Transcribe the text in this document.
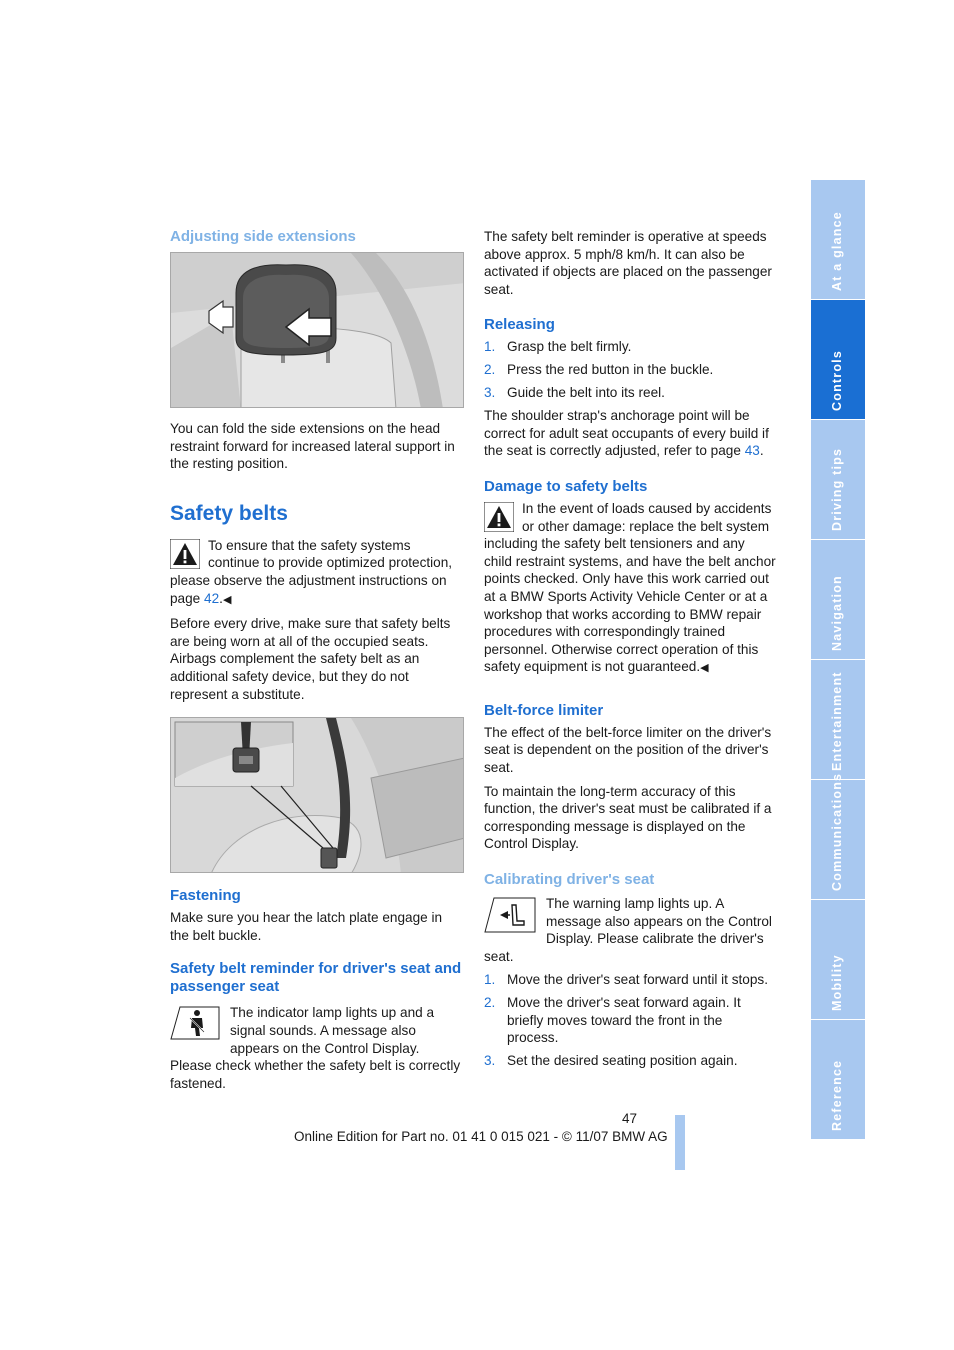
Adjusting side extensions

You can fold the side extensions on the head restraint forward for increased lateral support in the resting position.

Safety belts

To ensure that the safety systems continue to provide optimized protection, please observe the adjustment instructions on page 42.◀

Before every drive, make sure that safety belts are being worn at all of the occupied seats. Airbags complement the safety belt as an additional safety device, but they do not represent a substitute.

Fastening

Make sure you hear the latch plate engage in the belt buckle.

Safety belt reminder for driver's seat and passenger seat

The indicator lamp lights up and a signal sounds. A message also appears on the Control Display. Please check whether the safety belt is correctly fastened.

The safety belt reminder is operative at speeds above approx. 5 mph/8 km/h. It can also be activated if objects are placed on the passenger seat.

Releasing
1. Grasp the belt firmly.
2. Press the red button in the buckle.
3. Guide the belt into its reel.

The shoulder strap's anchorage point will be correct for adult seat occupants of every build if the seat is correctly adjusted, refer to page 43.

Damage to safety belts

In the event of loads caused by accidents or other damage: replace the belt system including the safety belt tensioners and any child restraint systems, and have the belt anchor points checked. Only have this work carried out at a BMW Sports Activity Vehicle Center or at a workshop that works according to BMW repair procedures with correspondingly trained personnel. Otherwise correct operation of this safety equipment is not guaranteed.◀

Belt-force limiter

The effect of the belt-force limiter on the driver's seat is dependent on the position of the driver's seat.

To maintain the long-term accuracy of this function, the driver's seat must be calibrated if a corresponding message is displayed on the Control Display.

Calibrating driver's seat

The warning lamp lights up. A message also appears on the Control Display. Please calibrate the driver's seat.

1. Move the driver's seat forward until it stops.
2. Move the driver's seat forward again. It briefly moves toward the front in the process.
3. Set the desired seating position again.
At a glance
Controls
Driving tips
Navigation
Entertainment
Communications
Mobility
Reference
47
Online Edition for Part no. 01 41 0 015 021 - © 11/07 BMW AG
